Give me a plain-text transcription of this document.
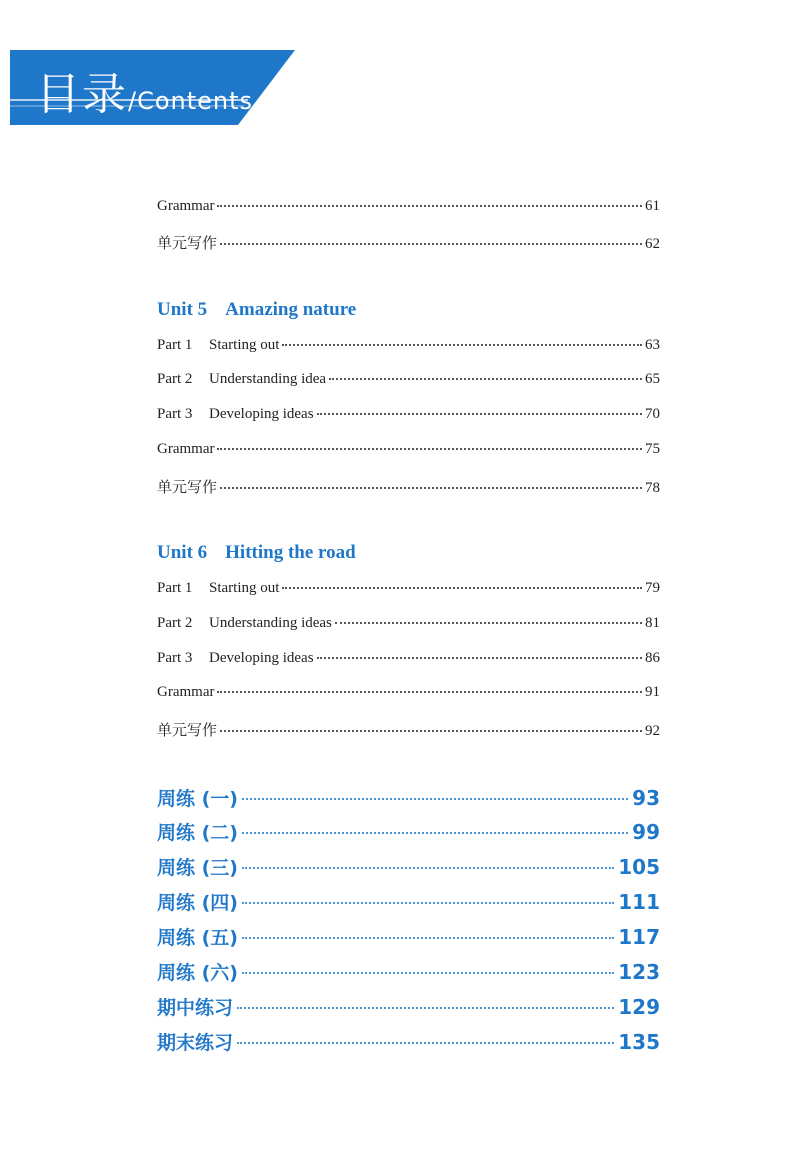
目录/Contents
Grammar	61
单元写作	62
Unit 5 Amazing nature
Part 1	Starting out	63
Part 2	Understanding idea	65
Part 3	Developing ideas	70
Grammar	75
单元写作	78
Unit 6 Hitting the road
Part 1	Starting out	79
Part 2	Understanding ideas	81
Part 3	Developing ideas	86
Grammar	91
单元写作	92
周练 (一)	93
周练 (二)	99
周练 (三)	105
周练 (四)	111
周练 (五)	117
周练 (六)	123
期中练习	129
期末练习	135
